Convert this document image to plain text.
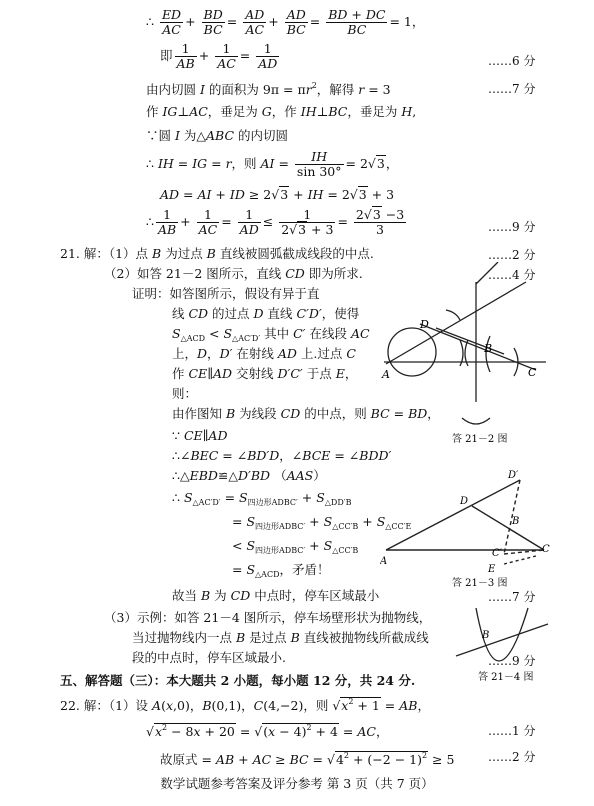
∴ $\frac{ED}{AC} + \frac{BD}{BC} = \frac{AD}{AC} + \frac{AD}{BC} = \frac{BD + DC}{BC} = 1$，
即 $\frac{1}{AB} + \frac{1}{AC} = \frac{1}{AD}$	……6 分
由内切圆 I 的面积为 $9\pi = \pi r^2$，解得 r = 3	……7 分
作 IG⊥AC，垂足为 G，作 IH⊥BC，垂足为 H,
∵圆 I 为△ABC 的内切圆
∴ IH = IG = r，则 AI = $\frac{IH}{\sin 30^\circ} = 2√3$，
AD = AI + ID ≥ 2√3 + IH = 2√3 + 3
∴ $\frac{1}{AB} + \frac{1}{AC} = \frac{1}{AD} \le \frac{1}{2√3 + 3} = \frac{2√3 -3}{3}$	……9 分
21. 解：（1）点 B 为过点 B 直线被圆弧截成线段的中点.	……2 分
（2）如答 21－2 图所示，直线 CD 即为所求.	……4 分
证明：如答图所示，假设有异于直
线 CD 的过点 D 直线 C′D′，使得
$S_{\triangle ACD} < S_{\triangle AC'D'}$ 其中 C′ 在线段 AC
上，D，D′ 在射线 AD 上.过点 C
作 CE∥AD 交射线 D′C′ 于点 E，
则：
由作图知 B 为线段 CD 的中点，则 BC = BD，
∵ CE∥AD
∴∠BEC = ∠BD′D，∠BCE = ∠BDD′
∴△EBD≌△D′BD （AAS）
∴ $S_{\triangle AC'D'} = S_{四边形ADBC'} + S_{\triangle DD'B}$
= $S_{四边形ADBC'} + S_{\triangle CC'B} + S_{\triangle CC'E}$
< $S_{四边形ADBC'} + S_{\triangle CC'B}$
= $S_{\triangle ACD}$，矛盾！
故当 B 为 CD 中点时，停车区域最小	……7 分
（3）示例：如答 21－4 图所示，停车场壁形状为抛物线，
当过抛物线内一点 B 是过点 B 直线被抛物线所截成线
段的中点时，停车区域最小.	……9 分
五、解答题（三）：本大题共 2 小题，每小题 12 分，共 24 分.
22. 解：（1）设 A(x,0)，B(0,1)，C(4,−2)，则 $√x^2 + 1$ = AB，
$√x^2 - 8x + 20 = √(x - 4)^2 + 4$ = AC，	……1 分
故原式 = AB + AC ≥ BC = $√4^2 + (-2 - 1)^2 \ge 5$	……2 分
数学试题参考答案及评分参考 第 3 页（共 7 页）
D
B
A	C
答 21－2 图
D′
D
B
A
C′	C
E
答 21－3 图
B
答 21－4 图
